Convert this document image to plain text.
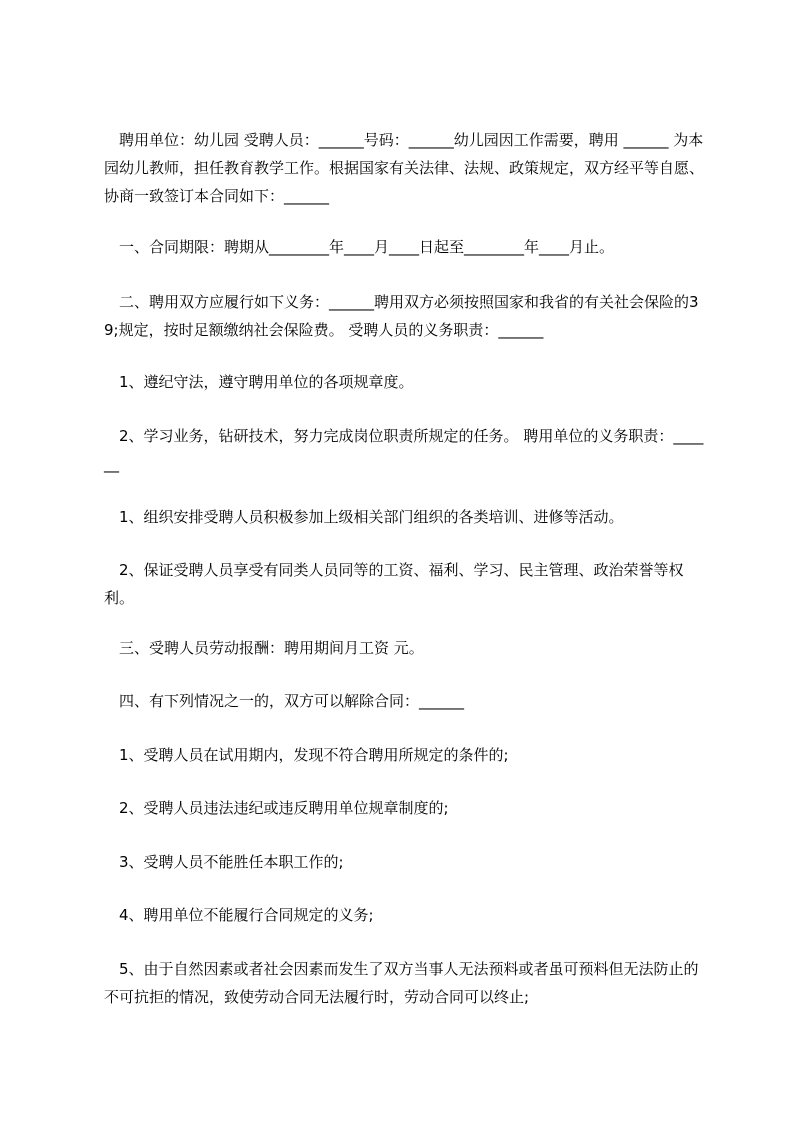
　聘用单位：幼儿园 受聘人员：______号码：______幼儿园因工作需要，聘用 ______ 为本园幼儿教师，担任教育教学工作。根据国家有关法律、法规、政策规定，双方经平等自愿、协商一致签订本合同如下：______

　一、合同期限：聘期从________年____月____日起至________年____月止。

　二、聘用双方应履行如下义务：______聘用双方必须按照国家和我省的有关社会保险的39;规定，按时足额缴纳社会保险费。 受聘人员的义务职责：______

　1、遵纪守法，遵守聘用单位的各项规章度。

　2、学习业务，钻研技术，努力完成岗位职责所规定的任务。 聘用单位的义务职责：______

　1、组织安排受聘人员积极参加上级相关部门组织的各类培训、进修等活动。

　2、保证受聘人员享受有同类人员同等的工资、福利、学习、民主管理、政治荣誉等权利。

　三、受聘人员劳动报酬：聘用期间月工资 元。

　四、有下列情况之一的，双方可以解除合同：______

　1、受聘人员在试用期内，发现不符合聘用所规定的条件的;

　2、受聘人员违法违纪或违反聘用单位规章制度的;

　3、受聘人员不能胜任本职工作的;

　4、聘用单位不能履行合同规定的义务;

　5、由于自然因素或者社会因素而发生了双方当事人无法预料或者虽可预料但无法防止的不可抗拒的情况，致使劳动合同无法履行时，劳动合同可以终止;
